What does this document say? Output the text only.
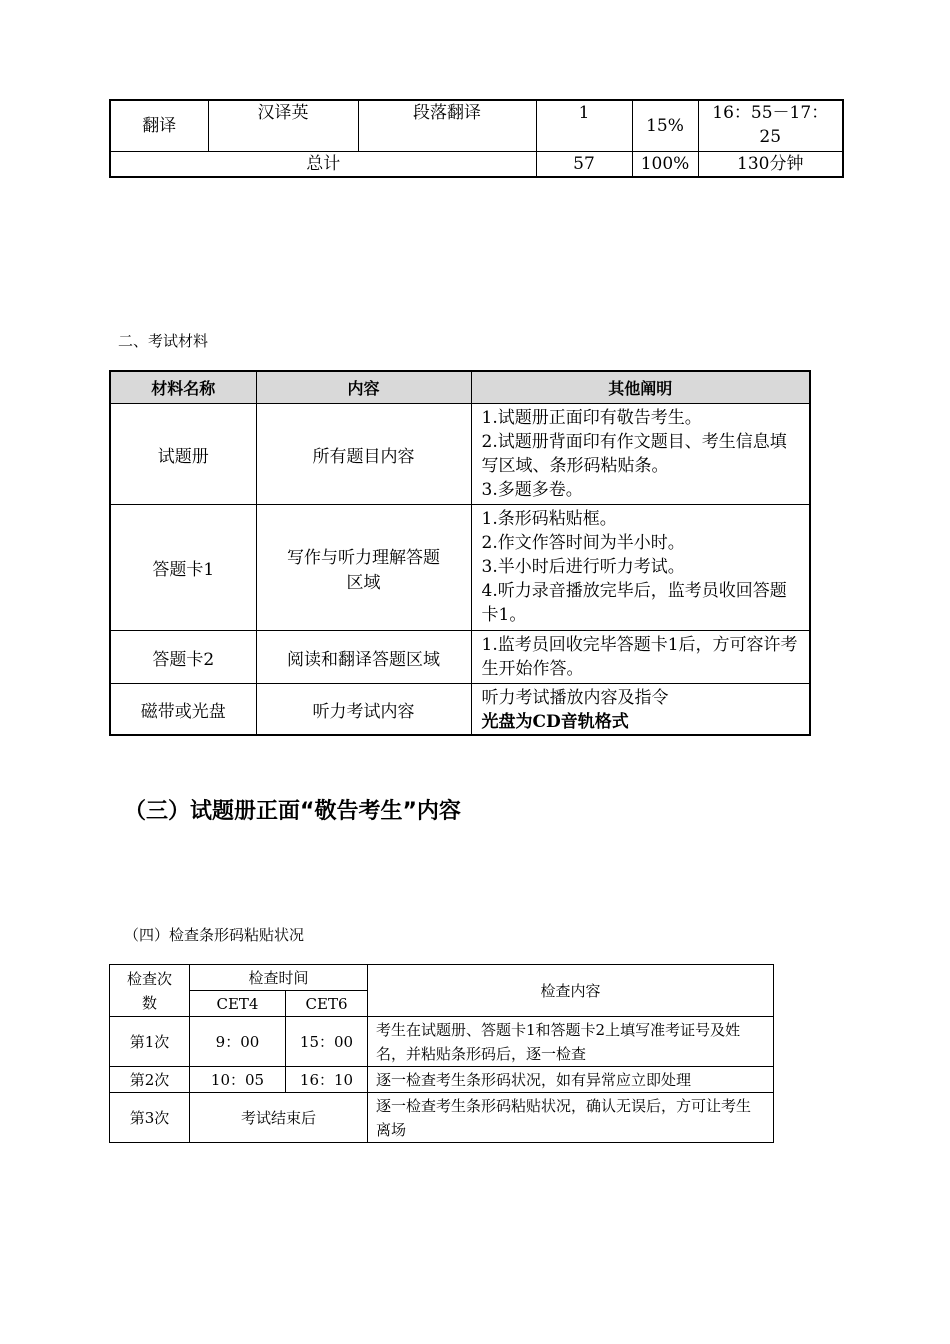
翻译	汉译英	段落翻译	1	15%	16：55－17：25
总计			57	100%	130分钟
二、考试材料
材料名称	内容	其他阐明
试题册	所有题目内容	1.试题册正面印有敬告考生。
2.试题册背面印有作文题目、考生信息填写区域、条形码粘贴条。
3.多题多卷。

答题卡1	写作与听力理解答题区域	1.条形码粘贴框。
2.作文作答时间为半小时。
3.半小时后进行听力考试。
4.听力录音播放完毕后，监考员收回答题卡1。

答题卡2	阅读和翻译答题区域	1.监考员回收完毕答题卡1后，方可容许考生开始作答。

磁带或光盘	听力考试内容	听力考试播放内容及指令
光盘为CD音轨格式
（三）试题册正面“敬告考生”内容
（四）检查条形码粘贴状况
检查次数	检查时间		检查内容
	CET4	CET6	
第1次	9：00	15：00	考生在试题册、答题卡1和答题卡2上填写准考证号及姓名，并粘贴条形码后，逐一检查
第2次	10：05	16：10	逐一检查考生条形码状况，如有异常应立即处理
第3次	考试结束后		逐一检查考生条形码粘贴状况，确认无误后，方可让考生离场
